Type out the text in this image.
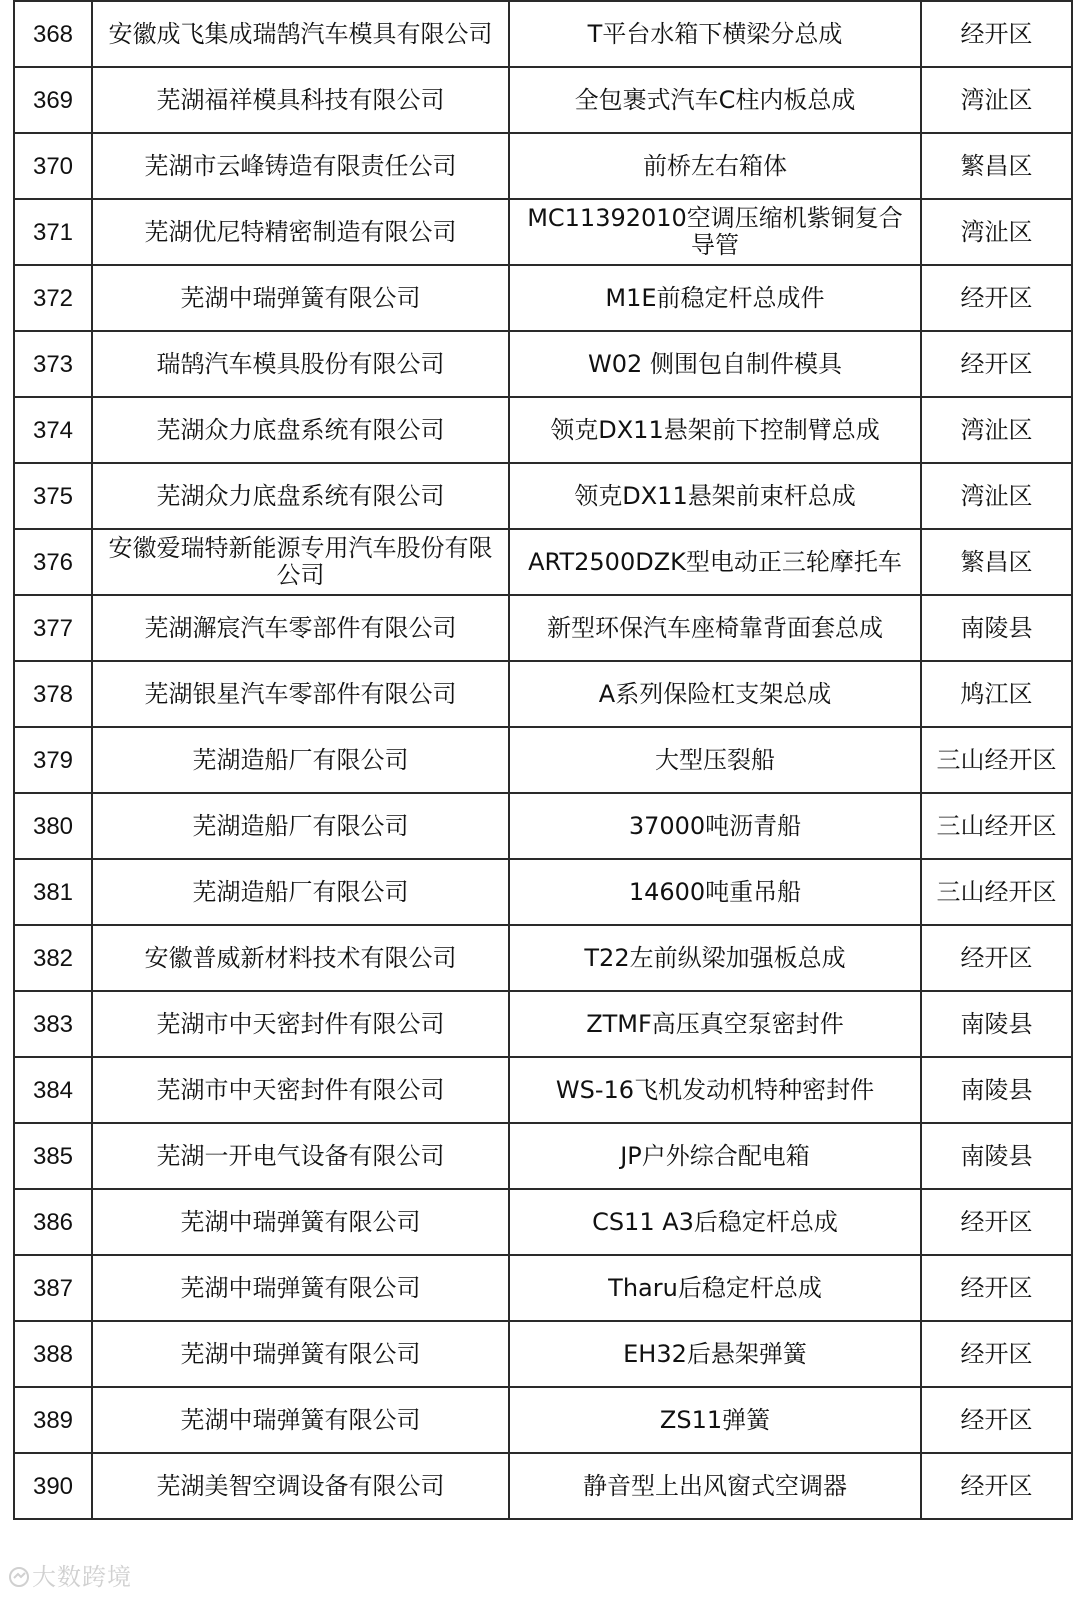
368	安徽成飞集成瑞鹄汽车模具有限公司	T平台水箱下横梁分总成	经开区
369	芜湖福祥模具科技有限公司	全包裹式汽车C柱内板总成	湾沚区
370	芜湖市云峰铸造有限责任公司	前桥左右箱体	繁昌区
371	芜湖优尼特精密制造有限公司	MC11392010空调压缩机紫铜复合导管	湾沚区
372	芜湖中瑞弹簧有限公司	M1E前稳定杆总成件	经开区
373	瑞鹄汽车模具股份有限公司	W02 侧围包自制件模具	经开区
374	芜湖众力底盘系统有限公司	领克DX11悬架前下控制臂总成	湾沚区
375	芜湖众力底盘系统有限公司	领克DX11悬架前束杆总成	湾沚区
376	安徽爱瑞特新能源专用汽车股份有限公司	ART2500DZK型电动正三轮摩托车	繁昌区
377	芜湖澥宸汽车零部件有限公司	新型环保汽车座椅靠背面套总成	南陵县
378	芜湖银星汽车零部件有限公司	A系列保险杠支架总成	鸠江区
379	芜湖造船厂有限公司	大型压裂船	三山经开区
380	芜湖造船厂有限公司	37000吨沥青船	三山经开区
381	芜湖造船厂有限公司	14600吨重吊船	三山经开区
382	安徽普威新材料技术有限公司	T22左前纵梁加强板总成	经开区
383	芜湖市中天密封件有限公司	ZTMF高压真空泵密封件	南陵县
384	芜湖市中天密封件有限公司	WS-16飞机发动机特种密封件	南陵县
385	芜湖一开电气设备有限公司	JP户外综合配电箱	南陵县
386	芜湖中瑞弹簧有限公司	CS11 A3后稳定杆总成	经开区
387	芜湖中瑞弹簧有限公司	Tharu后稳定杆总成	经开区
388	芜湖中瑞弹簧有限公司	EH32后悬架弹簧	经开区
389	芜湖中瑞弹簧有限公司	ZS11弹簧	经开区
390	芜湖美智空调设备有限公司	静音型上出风窗式空调器	经开区
大数跨境
